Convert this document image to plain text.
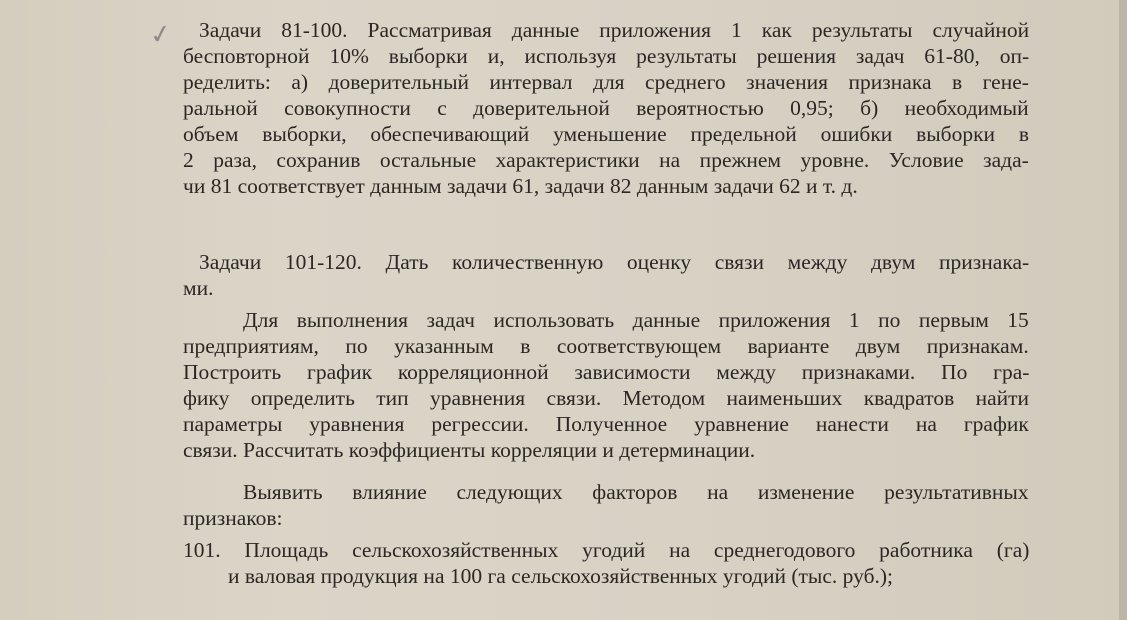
✓	Задачи 81-100. Рассматривая данные приложения 1 как результаты случайной
бесповторной 10% выборки и, используя результаты решения задач 61-80, оп-
ределить: а) доверительный интервал для среднего значения признака в гене-
ральной совокупности с доверительной вероятностью 0,95; б) необходимый
объем выборки, обеспечивающий уменьшение предельной ошибки выборки в
2 раза, сохранив остальные характеристики на прежнем уровне. Условие зада-
чи 81 соответствует данным задачи 61, задачи 82 данным задачи 62 и т. д.
Задачи 101-120. Дать количественную оценку связи между двум признака-
ми.
Для выполнения задач использовать данные приложения 1 по первым 15
предприятиям, по указанным в соответствующем варианте двум признакам.
Построить график корреляционной зависимости между признаками. По гра-
фику определить тип уравнения связи. Методом наименьших квадратов найти
параметры уравнения регрессии. Полученное уравнение нанести на график
связи. Рассчитать коэффициенты корреляции и детерминации.
Выявить влияние следующих факторов на изменение результативных
признаков:
101. Площадь сельскохозяйственных угодий на среднегодового работника (га)
и валовая продукция на 100 га сельскохозяйственных угодий (тыс. руб.);
